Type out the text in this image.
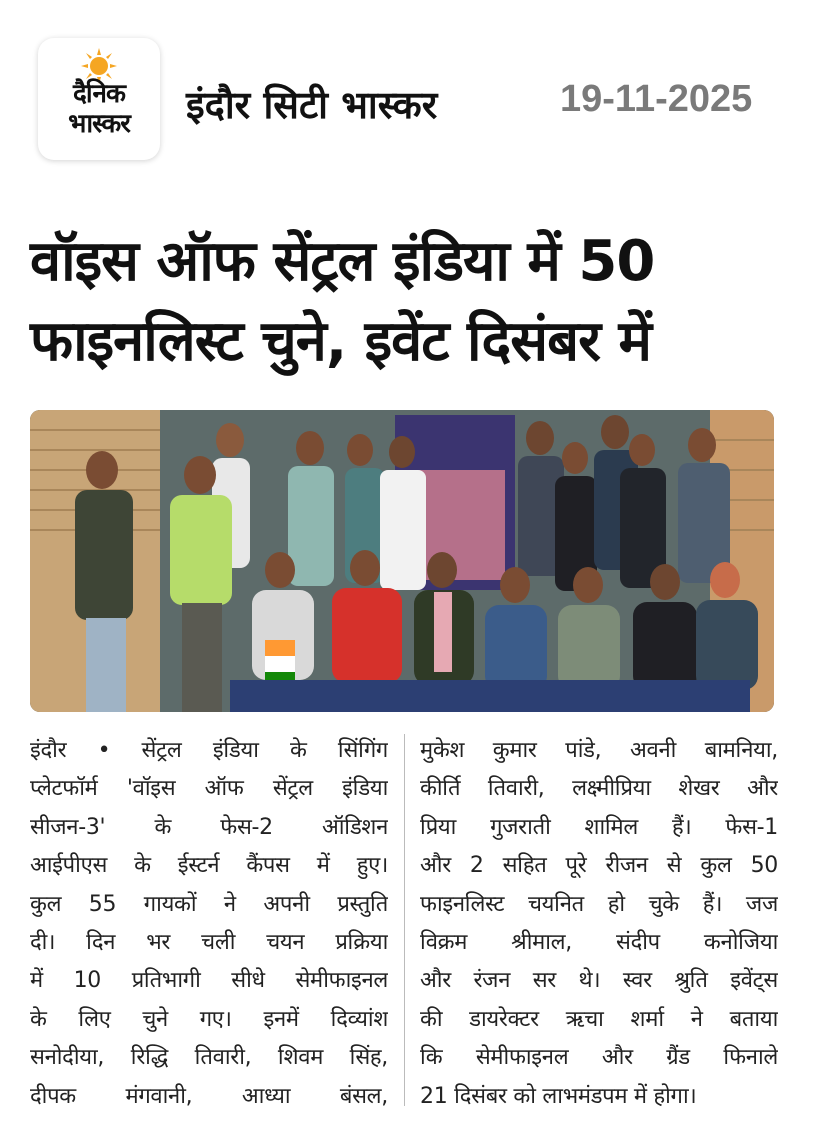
दैनिक
भास्कर	इंदौर सिटी भास्कर	19-11-2025
वॉइस ऑफ सेंट्रल इंडिया में 50
फाइनलिस्ट चुने, इवेंट दिसंबर में
इंदौर • सेंट्रल इंडिया के सिंगिंग
प्लेटफॉर्म 'वॉइस ऑफ सेंट्रल इंडिया
सीजन-3' के फेस-2 ऑडिशन
आईपीएस के ईस्टर्न कैंपस में हुए।
कुल 55 गायकों ने अपनी प्रस्तुति
दी। दिन भर चली चयन प्रक्रिया
में 10 प्रतिभागी सीधे सेमीफाइनल
के लिए चुने गए। इनमें दिव्यांश
सनोदीया, रिद्धि तिवारी, शिवम सिंह,
दीपक मंगवानी, आध्या बंसल,
मुकेश कुमार पांडे, अवनी बामनिया,
कीर्ति तिवारी, लक्ष्मीप्रिया शेखर और
प्रिया गुजराती शामिल हैं। फेस-1
और 2 सहित पूरे रीजन से कुल 50
फाइनलिस्ट चयनित हो चुके हैं। जज
विक्रम श्रीमाल, संदीप कनोजिया
और रंजन सर थे। स्वर श्रुति इवेंट्स
की डायरेक्टर ऋचा शर्मा ने बताया
कि सेमीफाइनल और ग्रैंड फिनाले
21 दिसंबर को लाभमंडपम में होगा।
